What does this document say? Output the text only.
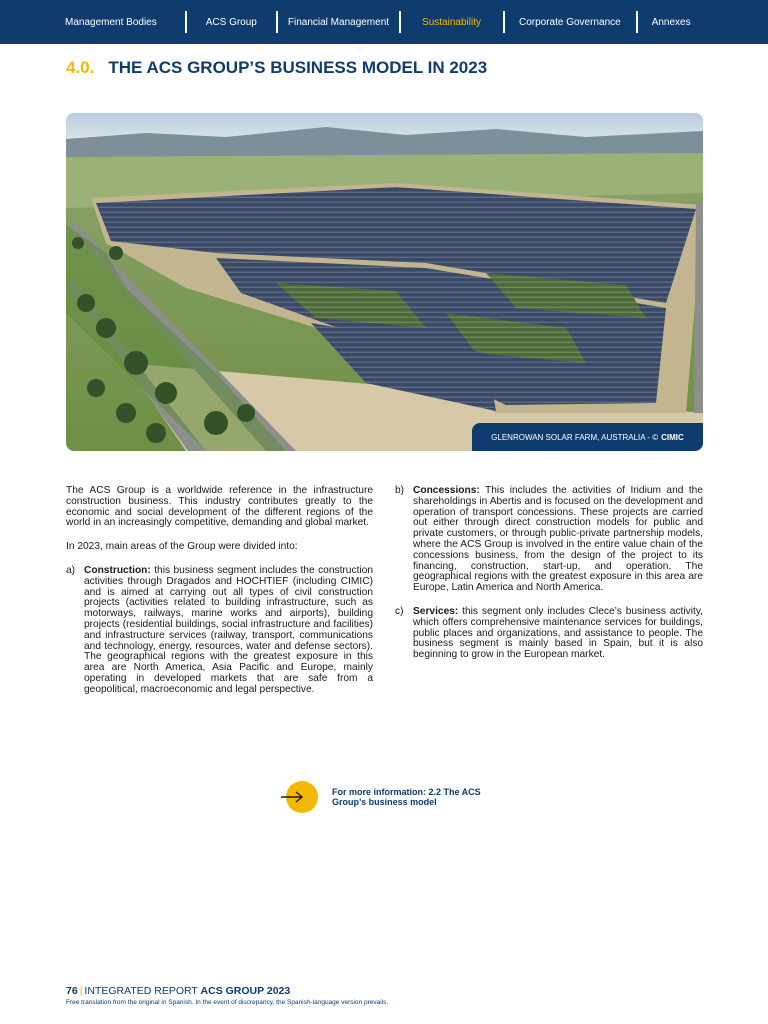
Management Bodies	ACS Group	Financial Management	Sustainability	Corporate Governance	Annexes
4.0. THE ACS GROUP’S BUSINESS MODEL IN 2023
GLENROWAN SOLAR FARM, AUSTRALIA - © CIMIC

The ACS Group is a worldwide reference in the infrastructure construction business. This industry contributes greatly to the economic and social development of the different regions of the world in an increasingly competitive, demanding and global market.

In 2023, main areas of the Group were divided into:

a) Construction: this business segment includes the construction activities through Dragados and HOCHTIEF (including CIMIC) and is aimed at carrying out all types of civil construction projects (activities related to building infrastructure, such as motorways, railways, marine works and airports), building projects (residential buildings, social infrastructure and facilities) and infrastructure services (railway, transport, communications and technology, energy, resources, water and defense sectors). The geographical regions with the greatest exposure in this area are North America, Asia Pacific and Europe, mainly operating in developed markets that are safe from a geopolitical, macroeconomic and legal perspective.

b) Concessions: This includes the activities of Iridium and the shareholdings in Abertis and is focused on the development and operation of transport concessions. These projects are carried out either through direct construction models for public and private customers, or through public-private partnership models, where the ACS Group is involved in the entire value chain of the concessions business, from the design of the project to its financing, construction, start-up, and operation. The geographical regions with the greatest exposure in this area are Europe, Latin America and North America.

c) Services: this segment only includes Clece’s business activity, which offers comprehensive maintenance services for buildings, public places and organizations, and assistance to people. The business segment is mainly based in Spain, but it is also beginning to grow in the European market.

For more information: 2.2 The ACS Group’s business model
76 | INTEGRATED REPORT ACS GROUP 2023
Free translation from the original in Spanish. In the event of discrepancy, the Spanish-language version prevails.
